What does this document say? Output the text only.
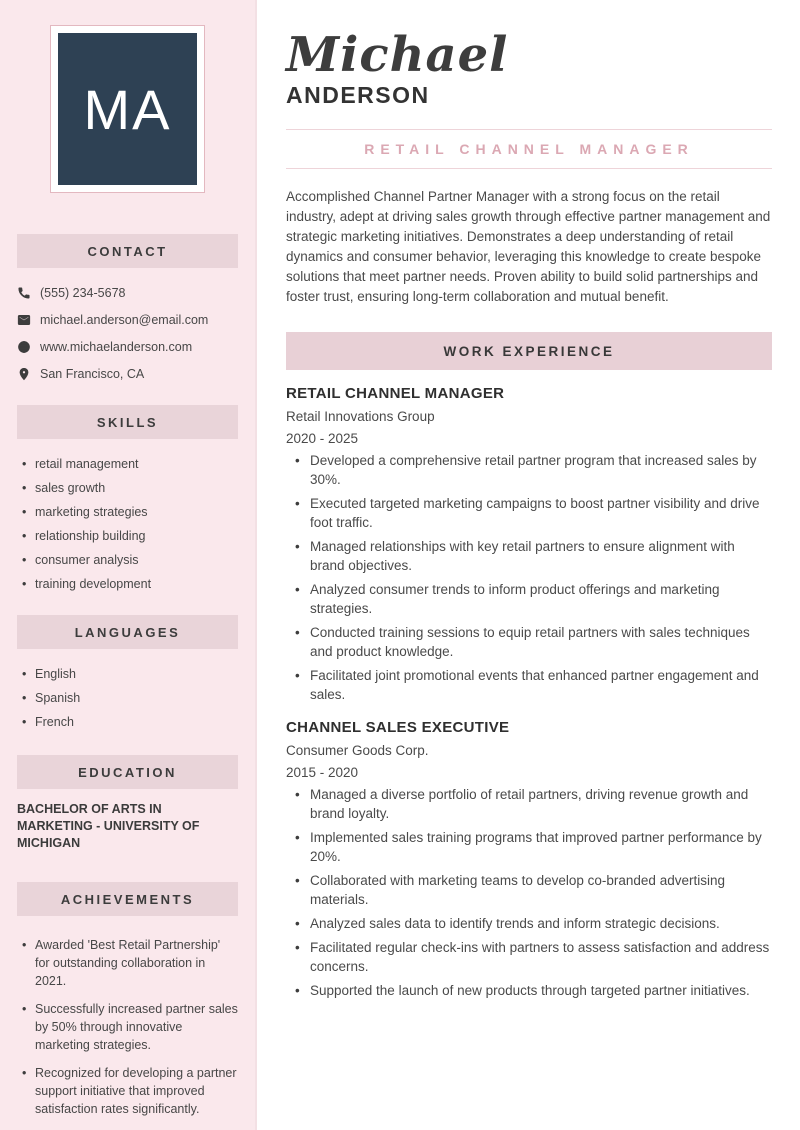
MA
CONTACT
(555) 234-5678
michael.anderson@email.com
www.michaelanderson.com
San Francisco, CA
SKILLS
• retail management
• sales growth
• marketing strategies
• relationship building
• consumer analysis
• training development
LANGUAGES
• English
• Spanish
• French
EDUCATION
BACHELOR OF ARTS IN MARKETING - UNIVERSITY OF MICHIGAN
ACHIEVEMENTS
• Awarded 'Best Retail Partnership' for outstanding collaboration in 2021.
• Successfully increased partner sales by 50% through innovative marketing strategies.
• Recognized for developing a partner support initiative that improved satisfaction rates significantly.
Michael
ANDERSON
RETAIL CHANNEL MANAGER

Accomplished Channel Partner Manager with a strong focus on the retail industry, adept at driving sales growth through effective partner management and strategic marketing initiatives. Demonstrates a deep understanding of retail dynamics and consumer behavior, leveraging this knowledge to create bespoke solutions that meet partner needs. Proven ability to build solid partnerships and foster trust, ensuring long-term collaboration and mutual benefit.

WORK EXPERIENCE
RETAIL CHANNEL MANAGER
Retail Innovations Group
2020 - 2025
• Developed a comprehensive retail partner program that increased sales by 30%.
• Executed targeted marketing campaigns to boost partner visibility and drive foot traffic.
• Managed relationships with key retail partners to ensure alignment with brand objectives.
• Analyzed consumer trends to inform product offerings and marketing strategies.
• Conducted training sessions to equip retail partners with sales techniques and product knowledge.
• Facilitated joint promotional events that enhanced partner engagement and sales.
CHANNEL SALES EXECUTIVE
Consumer Goods Corp.
2015 - 2020
• Managed a diverse portfolio of retail partners, driving revenue growth and brand loyalty.
• Implemented sales training programs that improved partner performance by 20%.
• Collaborated with marketing teams to develop co-branded advertising materials.
• Analyzed sales data to identify trends and inform strategic decisions.
• Facilitated regular check-ins with partners to assess satisfaction and address concerns.
• Supported the launch of new products through targeted partner initiatives.
